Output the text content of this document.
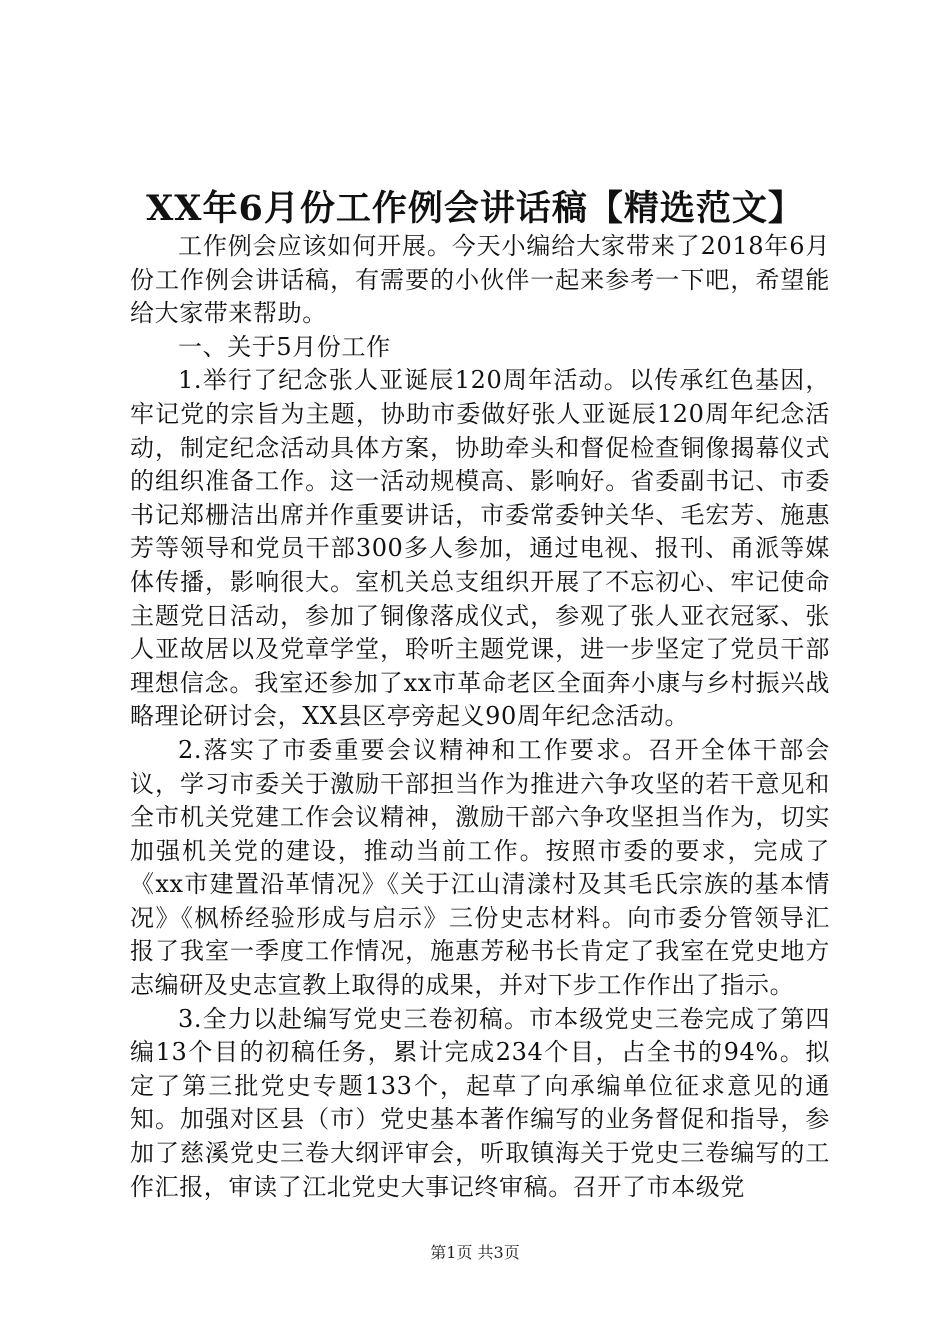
XX年6月份工作例会讲话稿【精选范文】

工作例会应该如何开展。今天小编给大家带来了2018年6月份工作例会讲话稿，有需要的小伙伴一起来参考一下吧，希望能给大家带来帮助。

一、关于5月份工作

1.举行了纪念张人亚诞辰120周年活动。以传承红色基因，牢记党的宗旨为主题，协助市委做好张人亚诞辰120周年纪念活动，制定纪念活动具体方案，协助牵头和督促检查铜像揭幕仪式的组织准备工作。这一活动规模高、影响好。省委副书记、市委书记郑栅洁出席并作重要讲话，市委常委钟关华、毛宏芳、施惠芳等领导和党员干部300多人参加，通过电视、报刊、甬派等媒体传播，影响很大。室机关总支组织开展了不忘初心、牢记使命主题党日活动，参加了铜像落成仪式，参观了张人亚衣冠冢、张人亚故居以及党章学堂，聆听主题党课，进一步坚定了党员干部理想信念。我室还参加了xx市革命老区全面奔小康与乡村振兴战略理论研讨会，XX县区亭旁起义90周年纪念活动。

2.落实了市委重要会议精神和工作要求。召开全体干部会议，学习市委关于激励干部担当作为推进六争攻坚的若干意见和全市机关党建工作会议精神，激励干部六争攻坚担当作为，切实加强机关党的建设，推动当前工作。按照市委的要求，完成了《xx市建置沿革情况》《关于江山清漾村及其毛氏宗族的基本情况》《枫桥经验形成与启示》三份史志材料。向市委分管领导汇报了我室一季度工作情况，施惠芳秘书长肯定了我室在党史地方志编研及史志宣教上取得的成果，并对下步工作作出了指示。

3.全力以赴编写党史三卷初稿。市本级党史三卷完成了第四编13个目的初稿任务，累计完成234个目，占全书的94%。拟定了第三批党史专题133个，起草了向承编单位征求意见的通知。加强对区县（市）党史基本著作编写的业务督促和指导，参加了慈溪党史三卷大纲评审会，听取镇海关于党史三卷编写的工作汇报，审读了江北党史大事记终审稿。召开了市本级党

第1页 共3页
